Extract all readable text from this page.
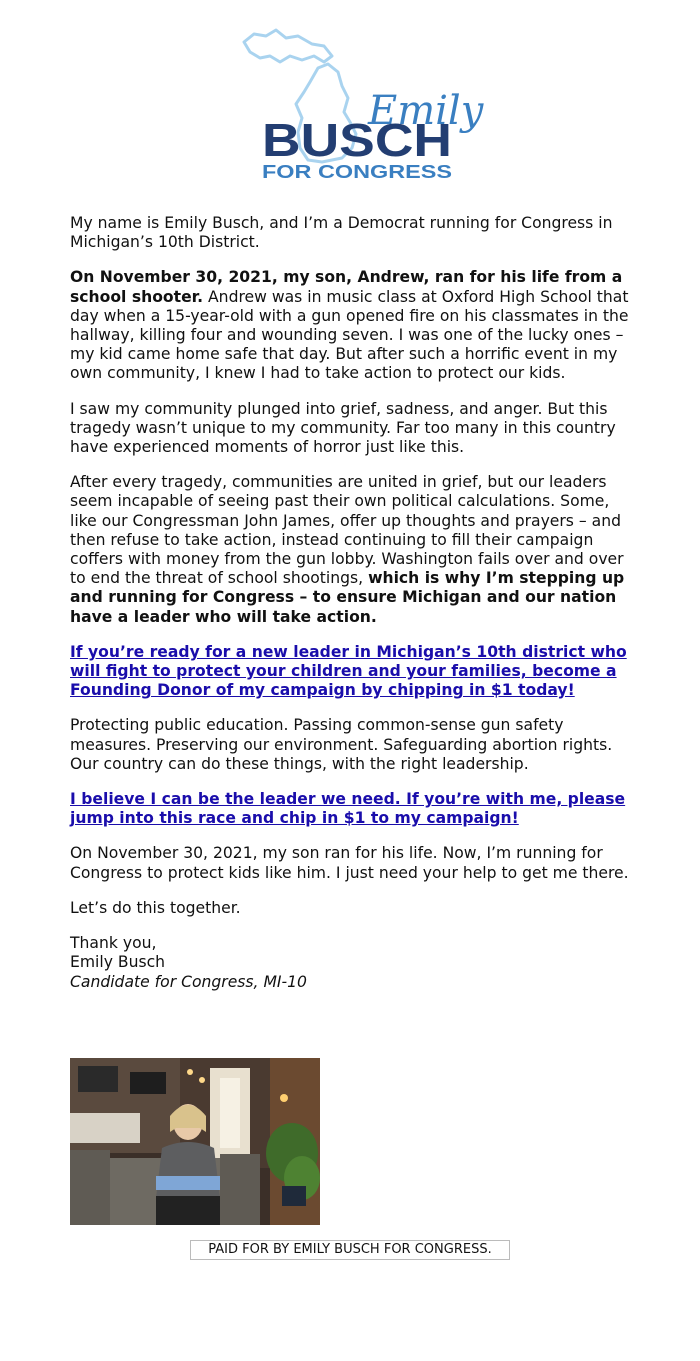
Emily
BUSCH
FOR CONGRESS

My name is Emily Busch, and I’m a Democrat running for Congress in Michigan’s 10th District.

On November 30, 2021, my son, Andrew, ran for his life from a school shooter. Andrew was in music class at Oxford High School that day when a 15-year-old with a gun opened fire on his classmates in the hallway, killing four and wounding seven. I was one of the lucky ones – my kid came home safe that day. But after such a horrific event in my own community, I knew I had to take action to protect our kids.

I saw my community plunged into grief, sadness, and anger. But this tragedy wasn’t unique to my community. Far too many in this country have experienced moments of horror just like this.

After every tragedy, communities are united in grief, but our leaders seem incapable of seeing past their own political calculations. Some, like our Congressman John James, offer up thoughts and prayers – and then refuse to take action, instead continuing to fill their campaign coffers with money from the gun lobby. Washington fails over and over to end the threat of school shootings, which is why I’m stepping up and running for Congress – to ensure Michigan and our nation have a leader who will take action.

If you’re ready for a new leader in Michigan’s 10th district who will fight to protect your children and your families, become a Founding Donor of my campaign by chipping in $1 today!

Protecting public education. Passing common-sense gun safety measures. Preserving our environment. Safeguarding abortion rights. Our country can do these things, with the right leadership.

I believe I can be the leader we need. If you’re with me, please jump into this race and chip in $1 to my campaign!

On November 30, 2021, my son ran for his life. Now, I’m running for Congress to protect kids like him. I just need your help to get me there.

Let’s do this together.

Thank you,
Emily Busch
Candidate for Congress, MI-10

PAID FOR BY EMILY BUSCH FOR CONGRESS.
